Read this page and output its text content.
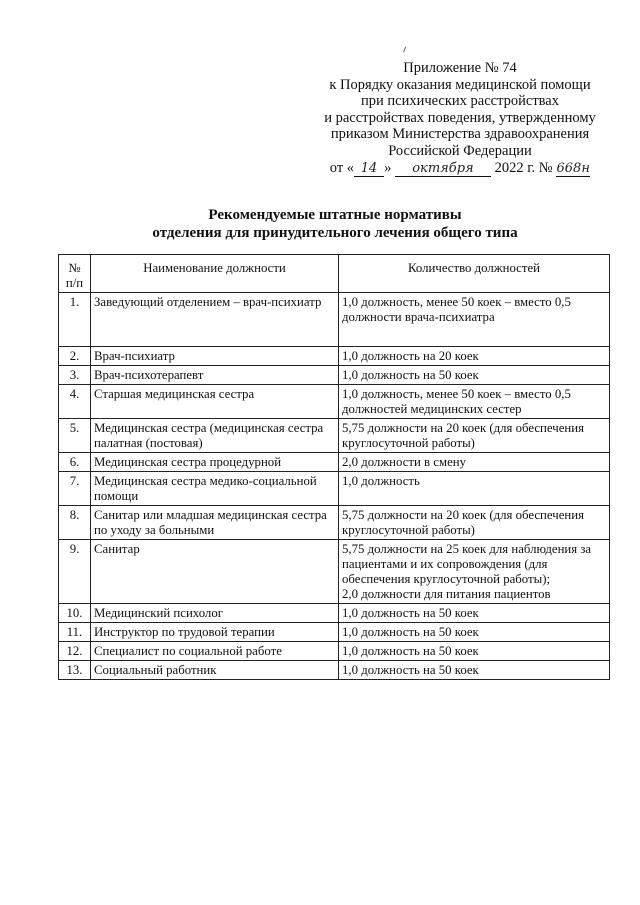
Приложение № 74
к Порядку оказания медицинской помощи
при психических расстройствах
и расстройствах поведения, утвержденному
приказом Министерства здравоохранения
Российской Федерации
от « 14 » октября 2022 г. № 668н
Рекомендуемые штатные нормативы
отделения для принудительного лечения общего типа
№ п/п	Наименование должности	Количество должностей
1.	Заведующий отделением – врач-психиатр	1,0 должность, менее 50 коек – вместо 0,5 должности врача-психиатра
2.	Врач-психиатр	1,0 должность на 20 коек
3.	Врач-психотерапевт	1,0 должность на 50 коек
4.	Старшая медицинская сестра	1,0 должность, менее 50 коек – вместо 0,5 должностей медицинских сестер
5.	Медицинская сестра (медицинская сестра палатная (постовая)	5,75 должности на 20 коек (для обеспечения круглосуточной работы)
6.	Медицинская сестра процедурной	2,0 должности в смену
7.	Медицинская сестра медико-социальной помощи	1,0 должность
8.	Санитар или младшая медицинская сестра по уходу за больными	5,75 должности на 20 коек (для обеспечения круглосуточной работы)
9.	Санитар	5,75 должности на 25 коек для наблюдения за пациентами и их сопровождения (для обеспечения круглосуточной работы);
2,0 должности для питания пациентов
10.	Медицинский психолог	1,0 должность на 50 коек
11.	Инструктор по трудовой терапии	1,0 должность на 50 коек
12.	Специалист по социальной работе	1,0 должность на 50 коек
13.	Социальный работник	1,0 должность на 50 коек
